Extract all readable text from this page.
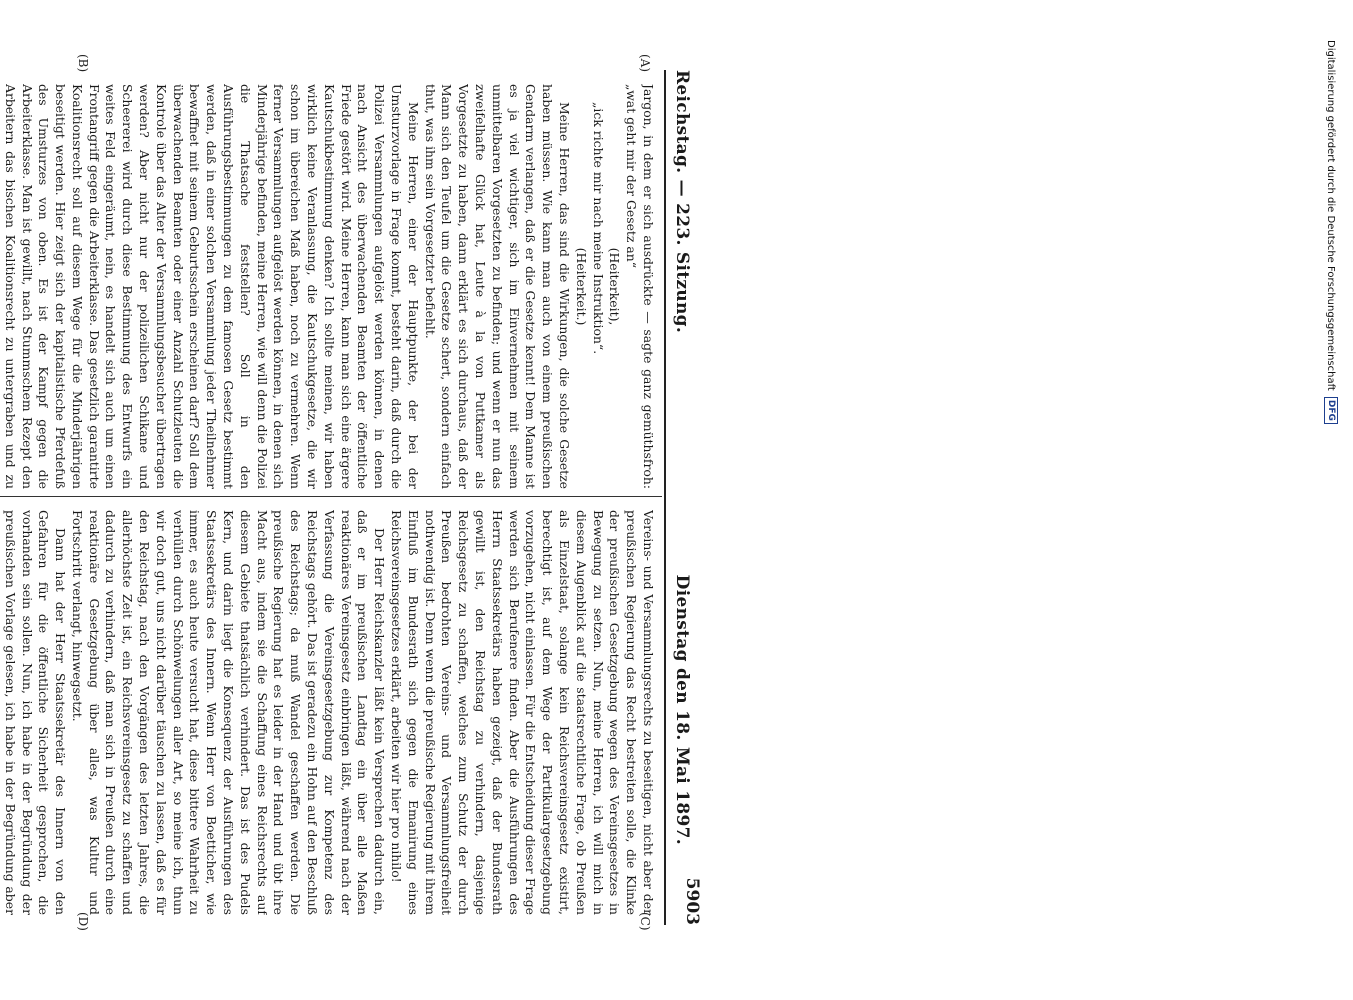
Reichstag. — 223. Sitzung.
Dienstag den 18. Mai 1897.
5903
(A)
(B)
(C)
(D)

Jargon, in dem er sich ausdrückte — sagte ganz gemüthsfroh: „wat geht mir der Gesetz an“

(Heiterkeit),

„ick richte mir nach meine Instruktion“.

(Heiterkeit.)

Meine Herren, das sind die Wirkungen, die solche Gesetze haben müssen. Wie kann man auch von einem preußischen Gendarm verlangen, daß er die Gesetze kennt! Dem Manne ist es ja viel wichtiger, sich im Einvernehmen mit seinem unmittelbaren Vorgesetzten zu befinden; und wenn er nun das zweifelhafte Glück hat, Leute à la von Puttkamer als Vorgesetzte zu haben, dann erklärt es sich durchaus, daß der Mann sich den Teufel um die Gesetze schert, sondern einfach thut, was ihm sein Vorgesetzter befiehlt.

Meine Herren, einer der Hauptpunkte, der bei der Umsturzvorlage in Frage kommt, besteht darin, daß durch die Polizei Versammlungen aufgelöst werden können, in denen nach Ansicht des überwachenden Beamten der öffentliche Friede gestört wird. Meine Herren, kann man sich eine ärgere Kautschukbestimmung denken? Ich sollte meinen, wir haben wirklich keine Veranlassung, die Kautschukgesetze, die wir schon im übereichen Maß haben, noch zu vermehren. Wenn ferner Versammlungen aufgelöst werden können, in denen sich Minderjährige befinden, meine Herren, wie will denn die Polizei die Thatsache feststellen? Soll in den Ausführungsbestimmungen zu dem famosen Gesetz bestimmt werden, daß in einer solchen Versammlung jeder Theilnehmer bewaffnet mit seinem Geburtsschein erscheinen darf? Soll dem überwachenden Beamten oder einer Anzahl Schutzleuten die Kontrole über das Alter der Versammlungsbesucher übertragen werden? Aber nicht nur der polizeilichen Schikane und Scheererei wird durch diese Bestimmung des Entwurfs ein weites Feld eingeräumt, nein, es handelt sich auch um einen Frontangriff gegen die Arbeiterklasse. Das gesetzlich garantirte Koalitionsrecht soll auf diesem Wege für die Minderjährigen beseitigt werden. Hier zeigt sich der kapitalistische Pferdefuß des Umsturzes von oben. Es ist der Kampf gegen die Arbeiterklasse. Man ist gewillt, nach Stummschem Rezept den Arbeitern das bischen Koalitionsrecht zu untergraben und zu

Vereins- und Versammlungsrechts zu beseitigen, nicht aber der preußischen Regierung das Recht bestreiten solle, die Klinke der preußischen Gesetzgebung wegen des Vereinsgesetzes in Bewegung zu setzen. Nun, meine Herren, ich will mich in diesem Augenblick auf die staatsrechtliche Frage, ob Preußen als Einzelstaat, solange kein Reichsvereinsgesetz existirt, berechtigt ist, auf dem Wege der Partikulargesetzgebung vorzugehen, nicht einlassen. Für die Entscheidung dieser Frage werden sich Berufenere finden. Aber die Ausführungen des Herrn Staatssekretärs haben gezeigt, daß der Bundesrath gewillt ist, den Reichstag zu verhindern, dasjenige Reichsgesetz zu schaffen, welches zum Schutz der durch Preußen bedrohten Vereins- und Versammlungsfreiheit nothwendig ist. Denn wenn die preußische Regierung mit ihrem Einfluß im Bundesrath sich gegen die Emanirung eines Reichsvereinsgesetzes erklärt, arbeiten wir hier pro nihilo!

Der Herr Reichskanzler läßt kein Versprechen dadurch ein, daß er im preußischen Landtag ein über alle Maßen reaktionäres Vereinsgesetz einbringen läßt, während nach der Verfassung die Vereinsgesetzgebung zur Kompetenz des Reichstags gehört. Das ist geradezu ein Hohn auf den Beschluß des Reichstags; da muß Wandel geschaffen werden. Die preußische Regierung hat es leider in der Hand und übt ihre Macht aus, indem sie die Schaffung eines Reichsrechts auf diesem Gebiete thatsächlich verhindert. Das ist des Pudels Kern, und darin liegt die Konsequenz der Ausführungen des Staatssekretärs des Innern. Wenn Herr von Boetticher, wie immer, es auch heute versucht hat, diese bittere Wahrheit zu verhüllen durch Schönwelungen aller Art, so meine ich, thun wir doch gut, uns nicht darüber täuschen zu lassen, daß es für den Reichstag, nach den Vorgängen des letzten Jahres, die allerhöchste Zeit ist, ein Reichsvereinsgesetz zu schaffen und dadurch zu verhindern, daß man sich in Preußen durch eine reaktionäre Gesetzgebung über alles, was Kultur und Fortschritt verlangt, hinwegsetzt.

Dann hat der Herr Staatssekretär des Innern von den Gefahren für die öffentliche Sicherheit gesprochen, die vorhanden sein sollen. Nun, ich habe in der Begründung der preußischen Vorlage gelesen, ich habe in der Begründung aber

Digitalisierung gefördert durch die Deutsche Forschungsgemeinschaft
DFG
